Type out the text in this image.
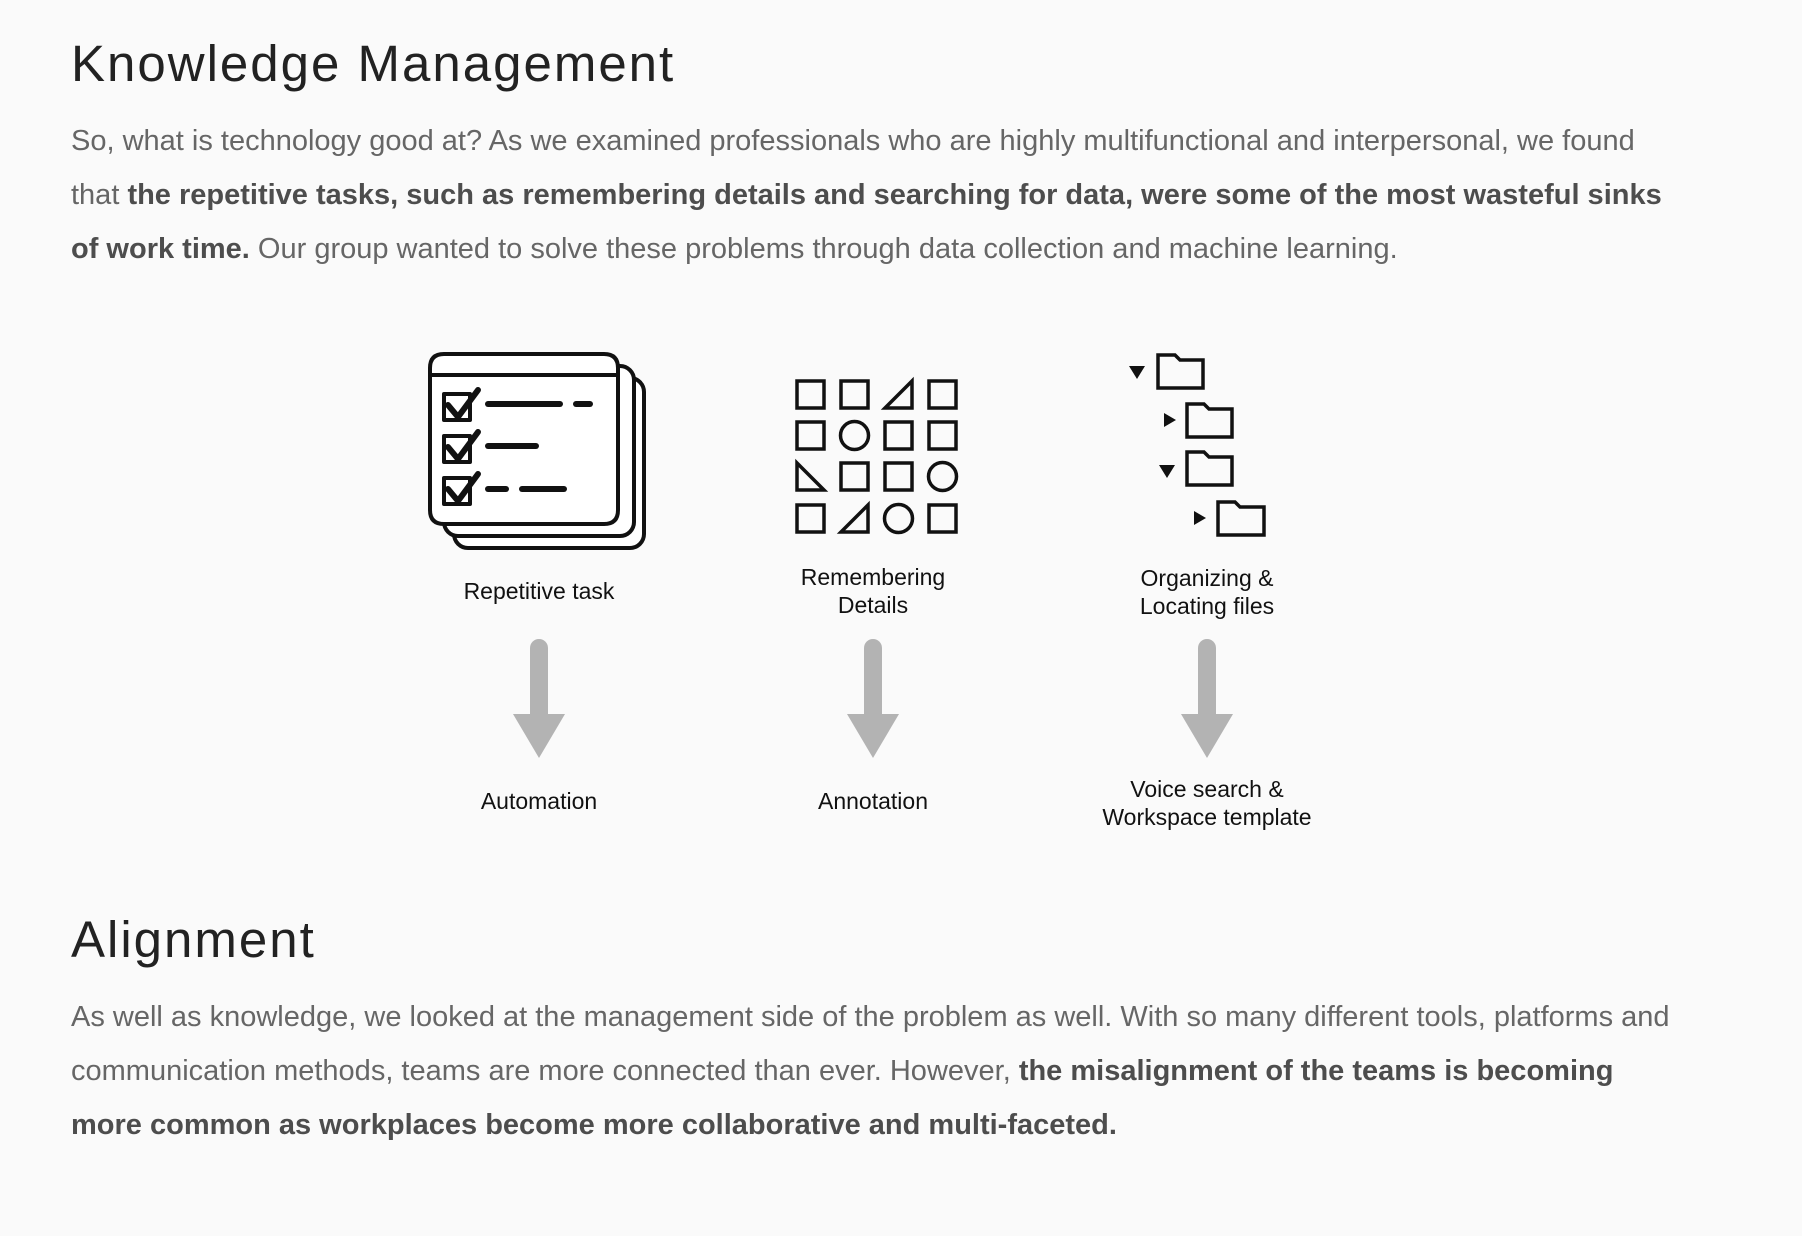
Knowledge Management

So, what is technology good at? As we examined professionals who are highly multifunctional and interpersonal, we found that the repetitive tasks, such as remembering details and searching for data, were some of the most wasteful sinks of work time. Our group wanted to solve these problems through data collection and machine learning.

Repetitive task
Remembering
Details
Organizing &
Locating files
Automation	Annotation	Voice search &
Workspace template
Alignment

As well as knowledge, we looked at the management side of the problem as well. With so many different tools, platforms and communication methods, teams are more connected than ever. However, the misalignment of the teams is becoming more common as workplaces become more collaborative and multi-faceted.
